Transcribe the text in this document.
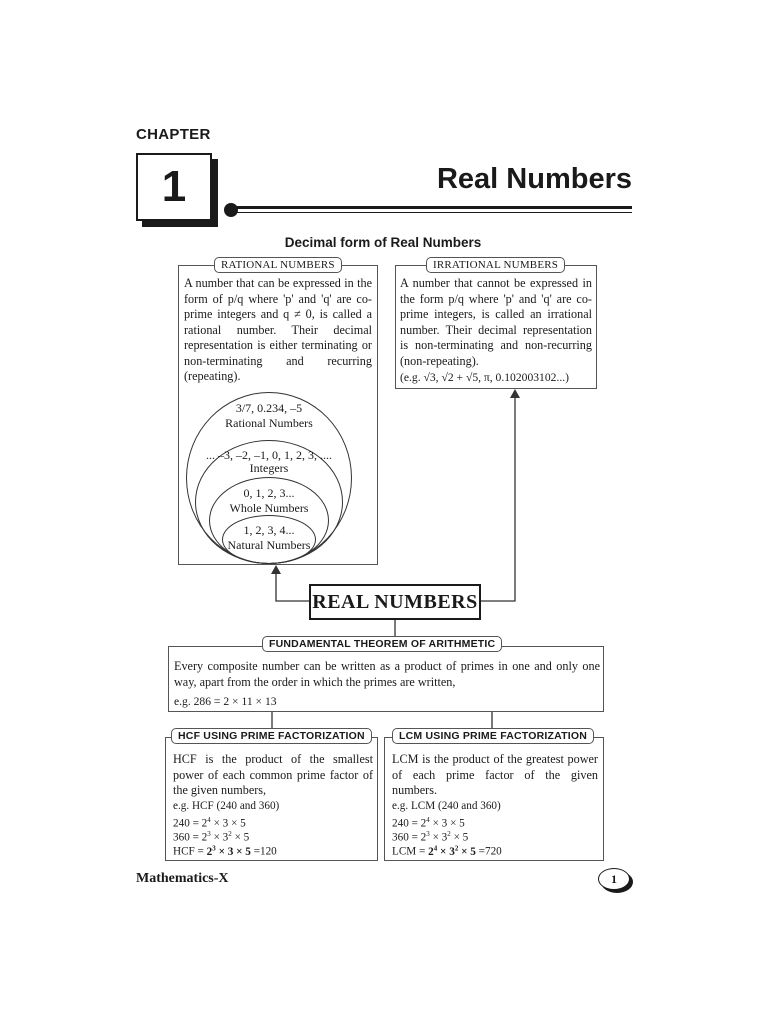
CHAPTER
1	Real Numbers
Decimal form of Real Numbers
A number that can be expressed in the form of p/q where 'p' and 'q' are co-prime integers and q ≠ 0, is called a rational number. Their decimal representation is either terminating or non-terminating and recurring (repeating).
RATIONAL NUMBERS
3/7, 0.234, –5
Rational Numbers
... –3, –2, –1, 0, 1, 2, 3, ....
Integers
0, 1, 2, 3...
Whole Numbers
1, 2, 3, 4...
Natural Numbers
A number that cannot be expressed in the form p/q where 'p' and 'q' are co-prime integers, is called an irrational number. Their decimal representation is non-terminating and non-recurring (non-repeating).
(e.g. √3, √2 + √5, π, 0.102003102...)
IRRATIONAL NUMBERS
REAL NUMBERS
Every composite number can be written as a product of primes in one and only one way, apart from the order in which the primes are written,
e.g. 286 = 2 × 11 × 13
FUNDAMENTAL THEOREM OF ARITHMETIC
HCF is the product of the smallest power of each common prime factor of the given numbers,
e.g. HCF (240 and 360)
$240 = 2^4 \times 3 \times 5$
$360 = 2^3 \times 3^2 \times 5$
HCF = $2^3 \times 3 \times 5 =120$
HCF USING PRIME FACTORIZATION
LCM is the product of the greatest power of each prime factor of the given numbers.
e.g. LCM (240 and 360)
$240 = 2^4 \times 3 \times 5$
$360 = 2^3 \times 3^2 \times 5$
LCM = $2^4 \times 3^2 \times 5 =720$
LCM USING PRIME FACTORIZATION
Mathematics-X	1
